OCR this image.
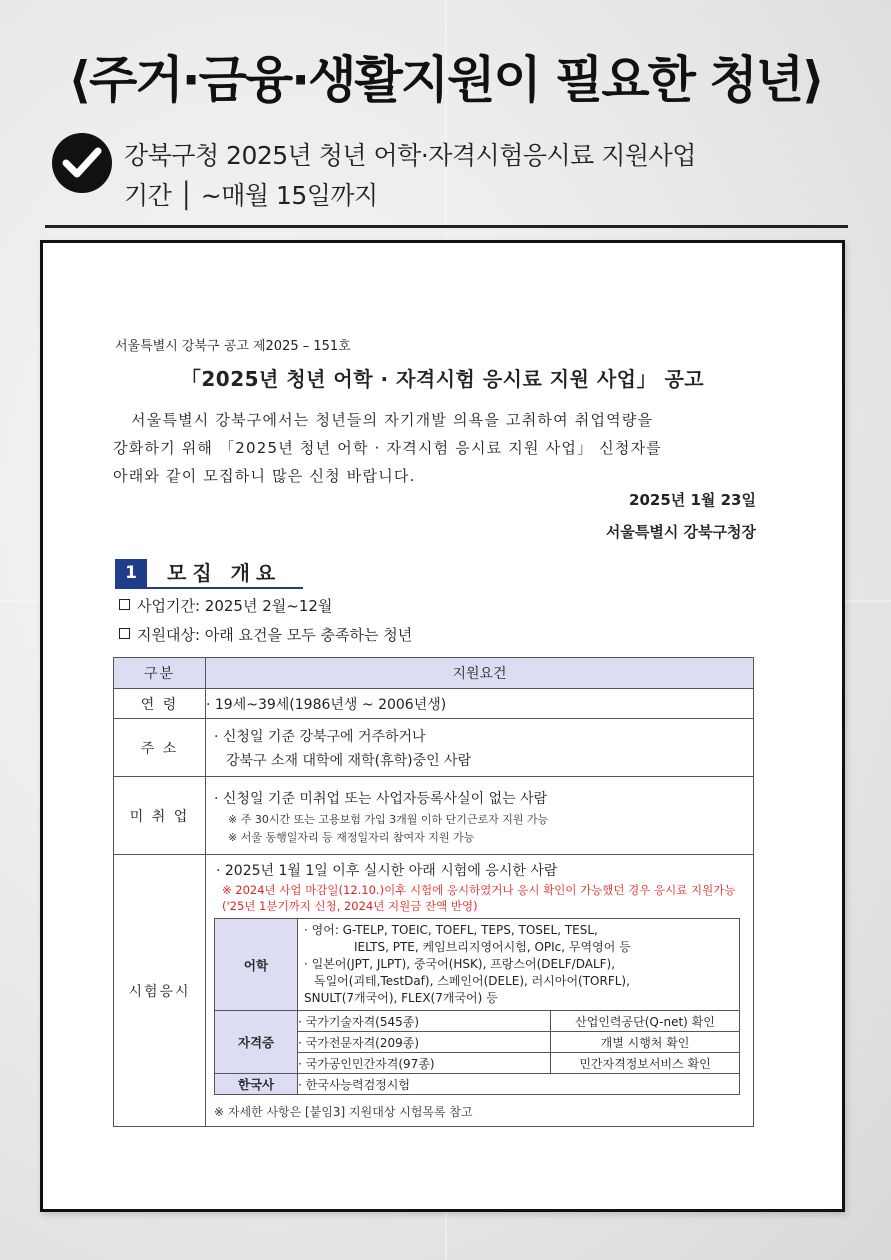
⟨주거·금융·생활지원이 필요한 청년⟩
강북구청 2025년 청년 어학·자격시험응시료 지원사업
기간 │ ~매월 15일까지
서울특별시 강북구 공고 제2025 – 151호
「2025년 청년 어학 · 자격시험 응시료 지원 사업」 공고
서울특별시 강북구에서는 청년들의 자기개발 의욕을 고취하여 취업역량을
강화하기 위해 「2025년 청년 어학 · 자격시험 응시료 지원 사업」 신청자를
아래와 같이 모집하니 많은 신청 바랍니다.
2025년 1월 23일
서울특별시 강북구청장
1	모집 개요
사업기간: 2025년 2월~12월
지원대상: 아래 요건을 모두 충족하는 청년
구분	지원요건
연 령	· 19세~39세(1986년생 ~ 2006년생)
주 소	
· 신청일 기준 강북구에 거주하거나
강북구 소재 대학에 재학(휴학)중인 사람

미 취 업	
· 신청일 기준 미취업 또는 사업자등록사실이 없는 사람
※ 주 30시간 또는 고용보험 가입 3개월 이하 단기근로자 지원 가능
※ 서울 동행일자리 등 재정일자리 참여자 지원 가능

시험응시	
· 2025년 1월 1일 이후 실시한 아래 시험에 응시한 사람
※ 2024년 사업 마감일(12.10.)이후 시험에 응시하였거나 응시 확인이 가능했던 경우 응시료 지원가능('25년 1분기까지 신청, 2024년 지원금 잔액 반영)
어학	
· 영어: G-TELP, TOEIC, TOEFL, TEPS, TOSEL, TESL,
IELTS, PTE, 케임브리지영어시험, OPIc, 무역영어 등
· 일본어(JPT, JLPT), 중국어(HSK), 프랑스어(DELF/DALF),
독일어(괴테,TestDaf), 스페인어(DELE), 러시아어(TORFL),
SNULT(7개국어), FLEX(7개국어) 등

자격증	· 국가기술자격(545종)	산업인력공단(Q-net) 확인
· 국가전문자격(209종)	개별 시행처 확인
· 국가공인민간자격(97종)	민간자격정보서비스 확인
한국사	· 한국사능력검정시험
※ 자세한 사항은 [붙임3] 지원대상 시험목록 참고
